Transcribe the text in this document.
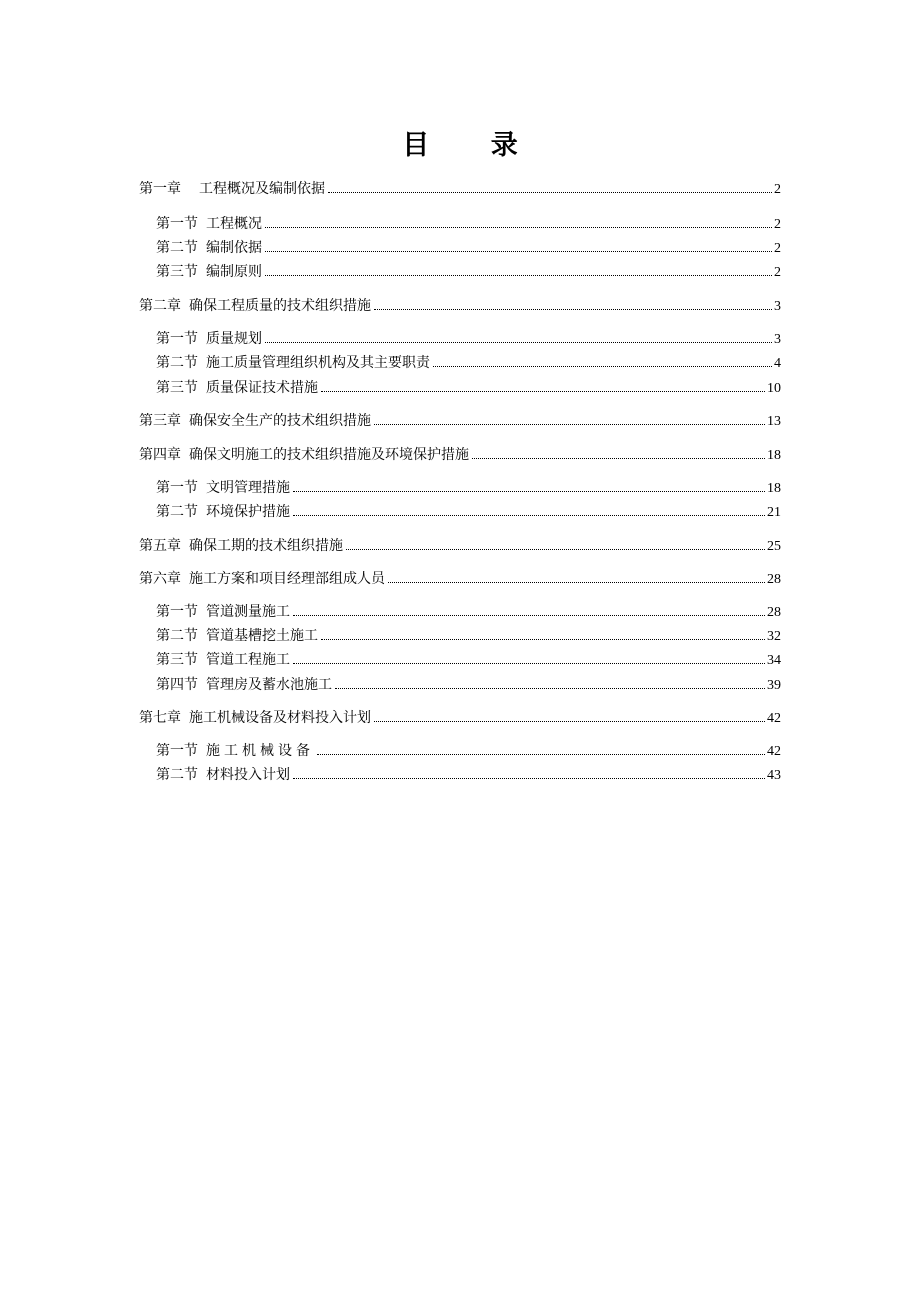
目 录
第一章 工程概况及编制依据	2
第一节 工程概况	2
第二节 编制依据	2
第三节 编制原则	2
第二章 确保工程质量的技术组织措施	3
第一节 质量规划	3
第二节 施工质量管理组织机构及其主要职责	4
第三节 质量保证技术措施	10
第三章 确保安全生产的技术组织措施	13
第四章 确保文明施工的技术组织措施及环境保护措施	18
第一节 文明管理措施	18
第二节 环境保护措施	21
第五章 确保工期的技术组织措施	25
第六章 施工方案和项目经理部组成人员	28
第一节 管道测量施工	28
第二节 管道基槽挖土施工	32
第三节 管道工程施工	34
第四节 管理房及蓄水池施工	39
第七章 施工机械设备及材料投入计划	42
第一节 施工机械设备	42
第二节 材料投入计划	43
